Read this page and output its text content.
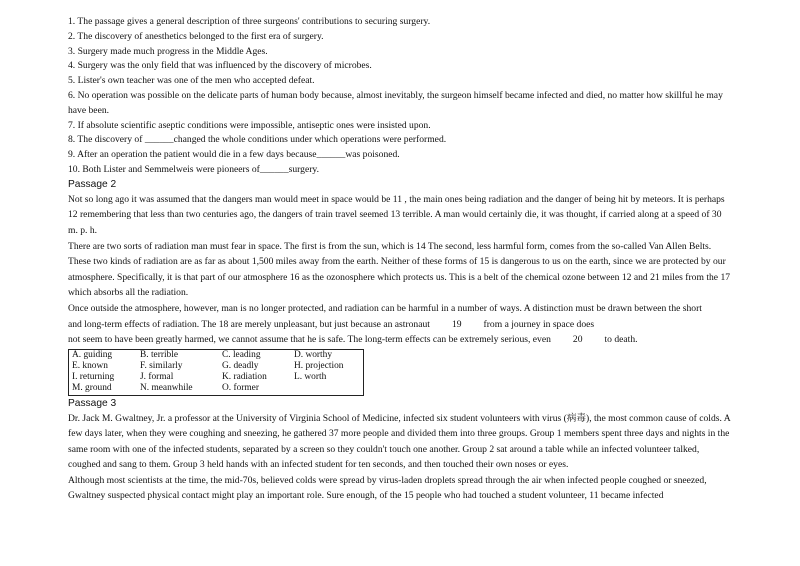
1. The passage gives a general description of three surgeons' contributions to securing surgery.
2. The discovery of anesthetics belonged to the first era of surgery.
3. Surgery made much progress in the Middle Ages.
4. Surgery was the only field that was influenced by the discovery of microbes.
5. Lister's own teacher was one of the men who accepted defeat.
6. No operation was possible on the delicate parts of human body because, almost inevitably, the surgeon himself became infected and died, no matter how skillful he may have been.
7. If absolute scientific aseptic conditions were impossible, antiseptic ones were insisted upon.
8. The discovery of ______changed the whole conditions under which operations were performed.
9. After an operation the patient would die in a few days because______was poisoned.
10. Both Lister and Semmelweis were pioneers of______surgery.
Passage 2
Not so long ago it was assumed that the dangers man would meet in space would be 11 , the main ones being radiation and the danger of being hit by meteors. It is perhaps 12 remembering that less than two centuries ago, the dangers of train travel seemed 13 terrible. A man would certainly die, it was thought, if carried along at a speed of 30 m. p. h.
There are two sorts of radiation man must fear in space. The first is from the sun, which is 14 The second, less harmful form, comes from the so-called Van Allen Belts. These two kinds of radiation are as far as about 1,500 miles away from the earth. Neither of these forms of 15 is dangerous to us on the earth, since we are protected by our atmosphere. Specifically, it is that part of our atmosphere 16 as the ozonosphere which protects us. This is a belt of the chemical ozone between 12 and 21 miles from the 17 which absorbs all the radiation.
Once outside the atmosphere, however, man is no longer protected, and radiation can be harmful in a number of ways. A distinction must be drawn between the short
and long-term effects of radiation. The 18 are merely unpleasant, but just because an astronaut 19 from a journey in space does
not seem to have been greatly harmed, we cannot assume that he is safe. The long-term effects can be extremely serious, even 20 to death.
A. guiding	B. terrible	C. leading	D. worthy
E. known	F. similarly	G. deadly	H. projection
I. returning	J. formal	K. radiation	L. worth
M. ground	N. meanwhile	O. former	
Passage 3
Dr. Jack M. Gwaltney, Jr. a professor at the University of Virginia School of Medicine, infected six student volunteers with virus (病毒), the most common cause of colds. A few days later, when they were coughing and sneezing, he gathered 37 more people and divided them into three groups. Group 1 members spent three days and nights in the same room with one of the infected students, separated by a screen so they couldn't touch one another. Group 2 sat around a table while an infected volunteer talked, coughed and sang to them. Group 3 held hands with an infected student for ten seconds, and then touched their own noses or eyes.
Although most scientists at the time, the mid-70s, believed colds were spread by virus-laden droplets spread through the air when infected people coughed or sneezed, Gwaltney suspected physical contact might play an important role. Sure enough, of the 15 people who had touched a student volunteer, 11 became infected
